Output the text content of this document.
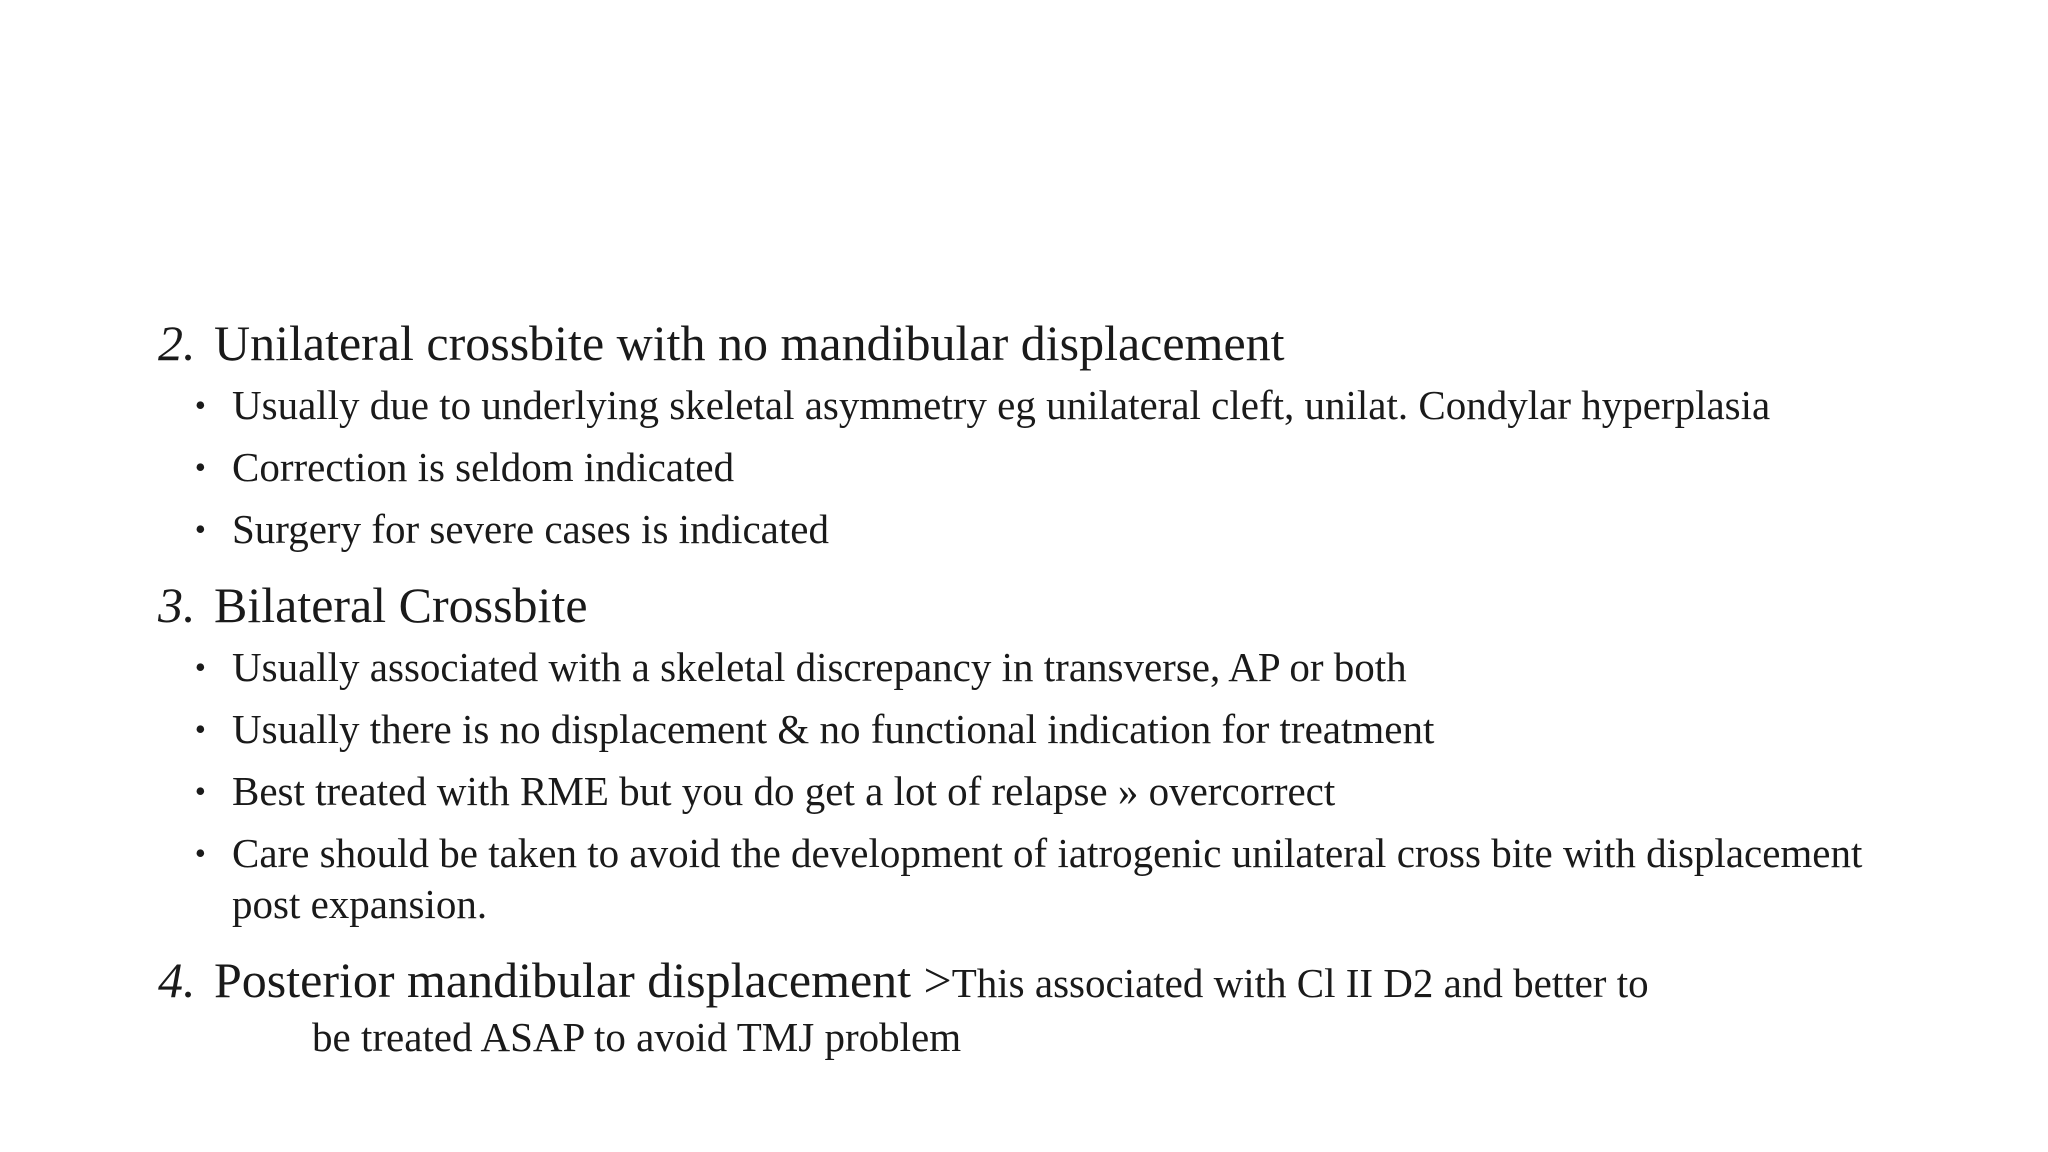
2. Unilateral crossbite with no mandibular displacement
• Usually due to underlying skeletal asymmetry eg unilateral cleft, unilat. Condylar hyperplasia
• Correction is seldom indicated
• Surgery for severe cases is indicated
3. Bilateral Crossbite
• Usually associated with a skeletal discrepancy in transverse, AP or both
• Usually there is no displacement & no functional indication for treatment
• Best treated with RME but you do get a lot of relapse » overcorrect
• Care should be taken to avoid the development of iatrogenic unilateral cross bite with displacement post expansion.
4. Posterior mandibular displacement >This associated with Cl II D2 and better to
be treated ASAP to avoid TMJ problem
